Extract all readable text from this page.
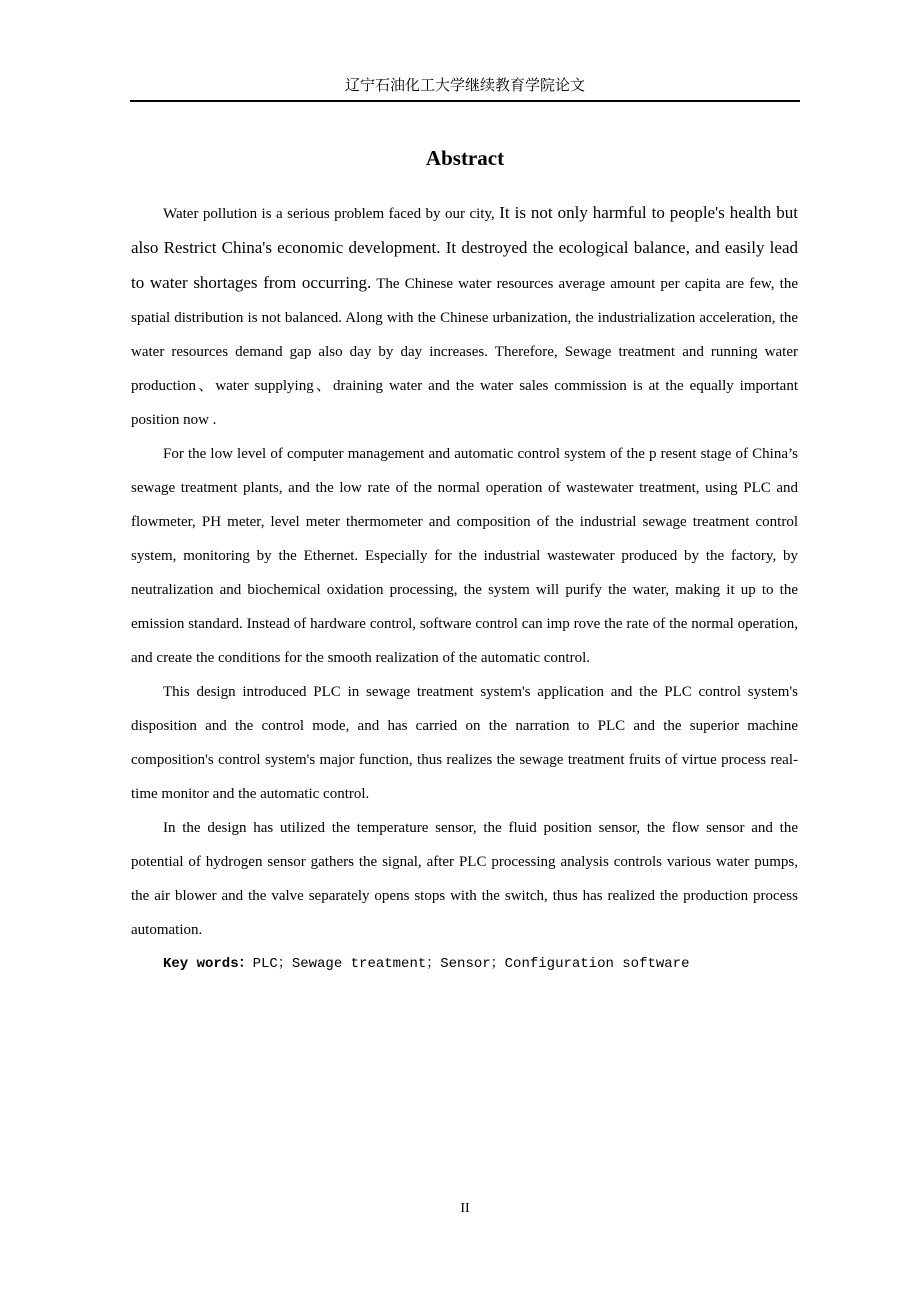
辽宁石油化工大学继续教育学院论文
Abstract

Water pollution is a serious problem faced by our city, It is not only harmful to people's health but also Restrict China's economic development. It destroyed the ecological balance, and easily lead to water shortages from occurring. The Chinese water resources average amount per capita are few, the spatial distribution is not balanced. Along with the Chinese urbanization, the industrialization acceleration, the water resources demand gap also day by day increases. Therefore, Sewage treatment and running water production、water supplying、draining water and the water sales commission is at the equally important position now .

For the low level of computer management and automatic control system of the p resent stage of China’s sewage treatment plants, and the low rate of the normal operation of wastewater treatment, using PLC and flowmeter, PH meter, level meter thermometer and composition of the industrial sewage treatment control system, monitoring by the Ethernet. Especially for the industrial wastewater produced by the factory, by neutralization and biochemical oxidation processing, the system will purify the water, making it up to the emission standard. Instead of hardware control, software control can imp rove the rate of the normal operation, and create the conditions for the smooth realization of the automatic control.

This design introduced PLC in sewage treatment system's application and the PLC control system's disposition and the control mode, and has carried on the narration to PLC and the superior machine composition's control system's major function, thus realizes the sewage treatment fruits of virtue process real-time monitor and the automatic control.

In the design has utilized the temperature sensor, the fluid position sensor, the flow sensor and the potential of hydrogen sensor gathers the signal, after PLC processing analysis controls various water pumps, the air blower and the valve separately opens stops with the switch, thus has realized the production process automation.

Key words：PLC；Sewage treatment；Sensor；Configuration software

II
